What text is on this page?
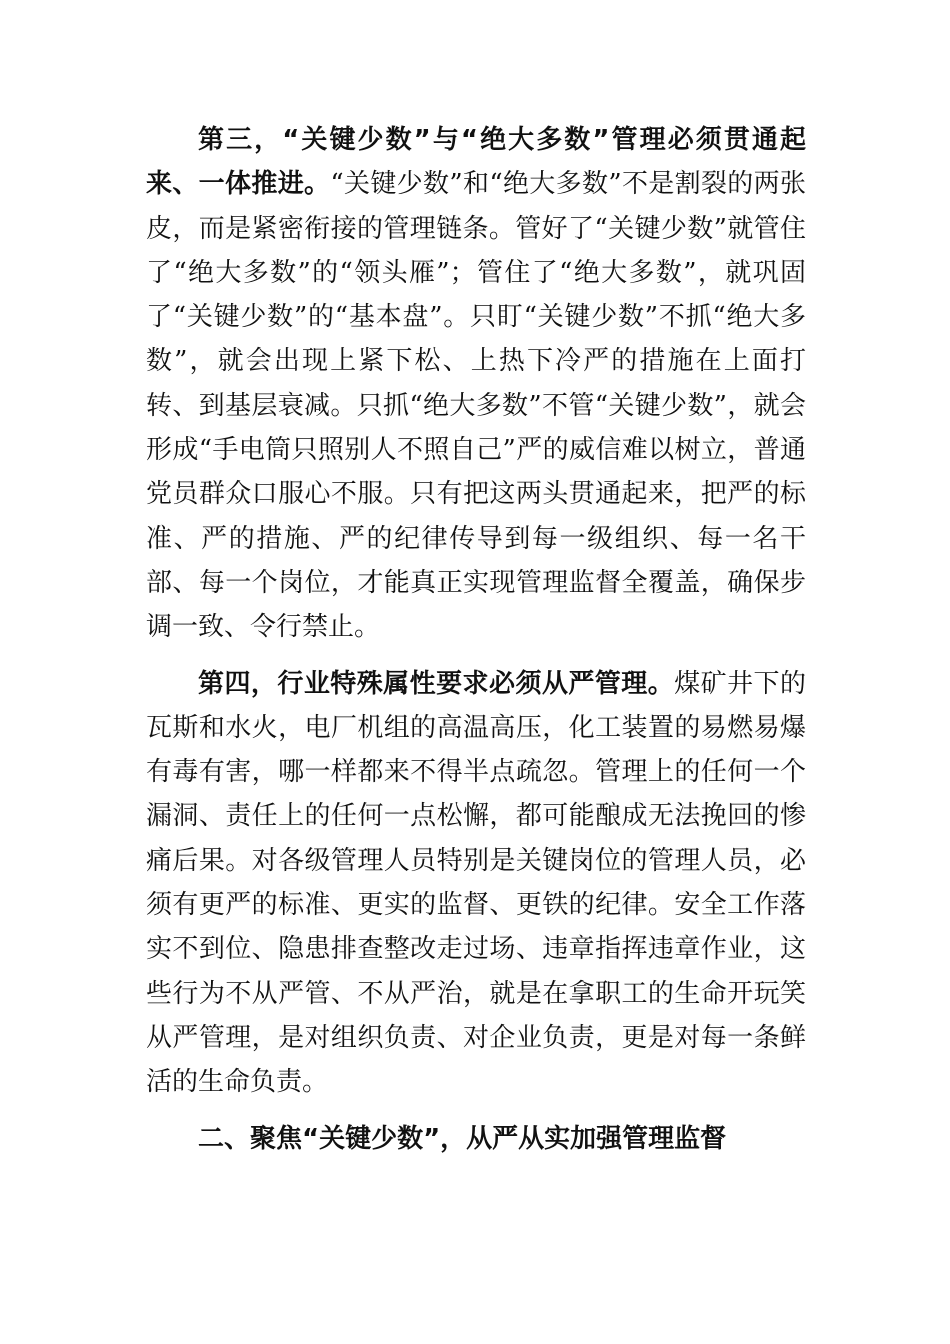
第三，“关键少数”与“绝大多数”管理必须贯通起来、一体推进。“关键少数”和“绝大多数”不是割裂的两张皮，而是紧密衔接的管理链条。管好了“关键少数”就管住了“绝大多数”的“领头雁”；管住了“绝大多数”，就巩固了“关键少数”的“基本盘”。只盯“关键少数”不抓“绝大多数”，就会出现上紧下松、上热下冷严的措施在上面打转、到基层衰减。只抓“绝大多数”不管“关键少数”，就会形成“手电筒只照别人不照自己”严的威信难以树立，普通党员群众口服心不服。只有把这两头贯通起来，把严的标准、严的措施、严的纪律传导到每一级组织、每一名干部、每一个岗位，才能真正实现管理监督全覆盖，确保步调一致、令行禁止。

第四，行业特殊属性要求必须从严管理。煤矿井下的瓦斯和水火，电厂机组的高温高压，化工装置的易燃易爆有毒有害，哪一样都来不得半点疏忽。管理上的任何一个漏洞、责任上的任何一点松懈，都可能酿成无法挽回的惨痛后果。对各级管理人员特别是关键岗位的管理人员，必须有更严的标准、更实的监督、更铁的纪律。安全工作落实不到位、隐患排查整改走过场、违章指挥违章作业，这些行为不从严管、不从严治，就是在拿职工的生命开玩笑从严管理，是对组织负责、对企业负责，更是对每一条鲜活的生命负责。

二、聚焦“关键少数”，从严从实加强管理监督
